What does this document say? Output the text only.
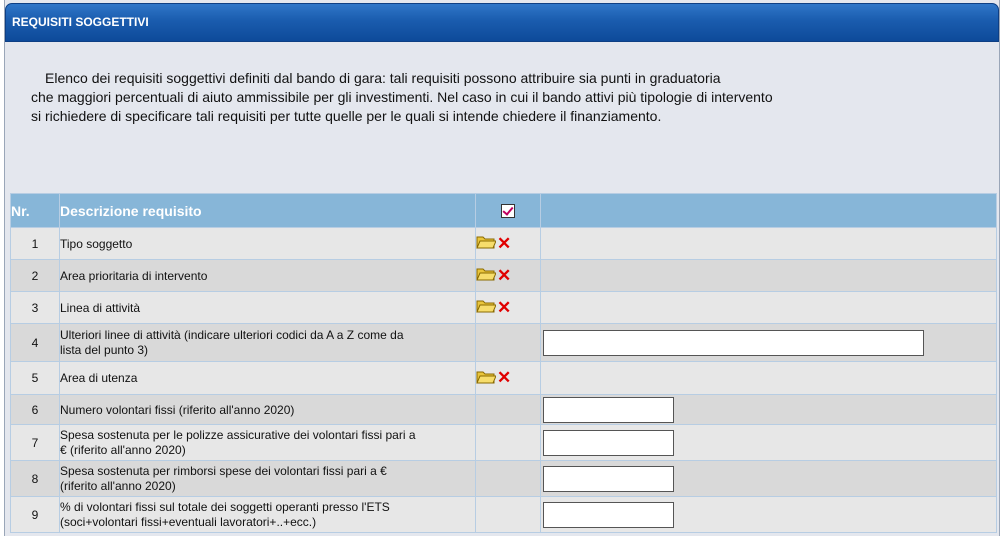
REQUISITI SOGGETTIVI
Elenco dei requisiti soggettivi definiti dal bando di gara: tali requisiti possono attribuire sia punti in graduatoria
che maggiori percentuali di aiuto ammissibile per gli investimenti. Nel caso in cui il bando attivi più tipologie di intervento
si richiedere di specificare tali requisiti per tutte quelle per le quali si intende chiedere il finanziamento.
Nr.	Descrizione requisito		
1	Tipo soggetto	✕	
2	Area prioritaria di intervento	✕	
3	Linea di attività	✕	
4	Ulteriori linee di attività (indicare ulteriori codici da A a Z come da
lista del punto 3)

5	Area di utenza	✕	
6	Numero volontari fissi (riferito all'anno 2020)		
7	Spesa sostenuta per le polizze assicurative dei volontari fissi pari a
€ (riferito all'anno 2020)

8	Spesa sostenuta per rimborsi spese dei volontari fissi pari a €
(riferito all'anno 2020)

9	% di volontari fissi sul totale dei soggetti operanti presso l'ETS
(soci+volontari fissi+eventuali lavoratori+..+ecc.)
